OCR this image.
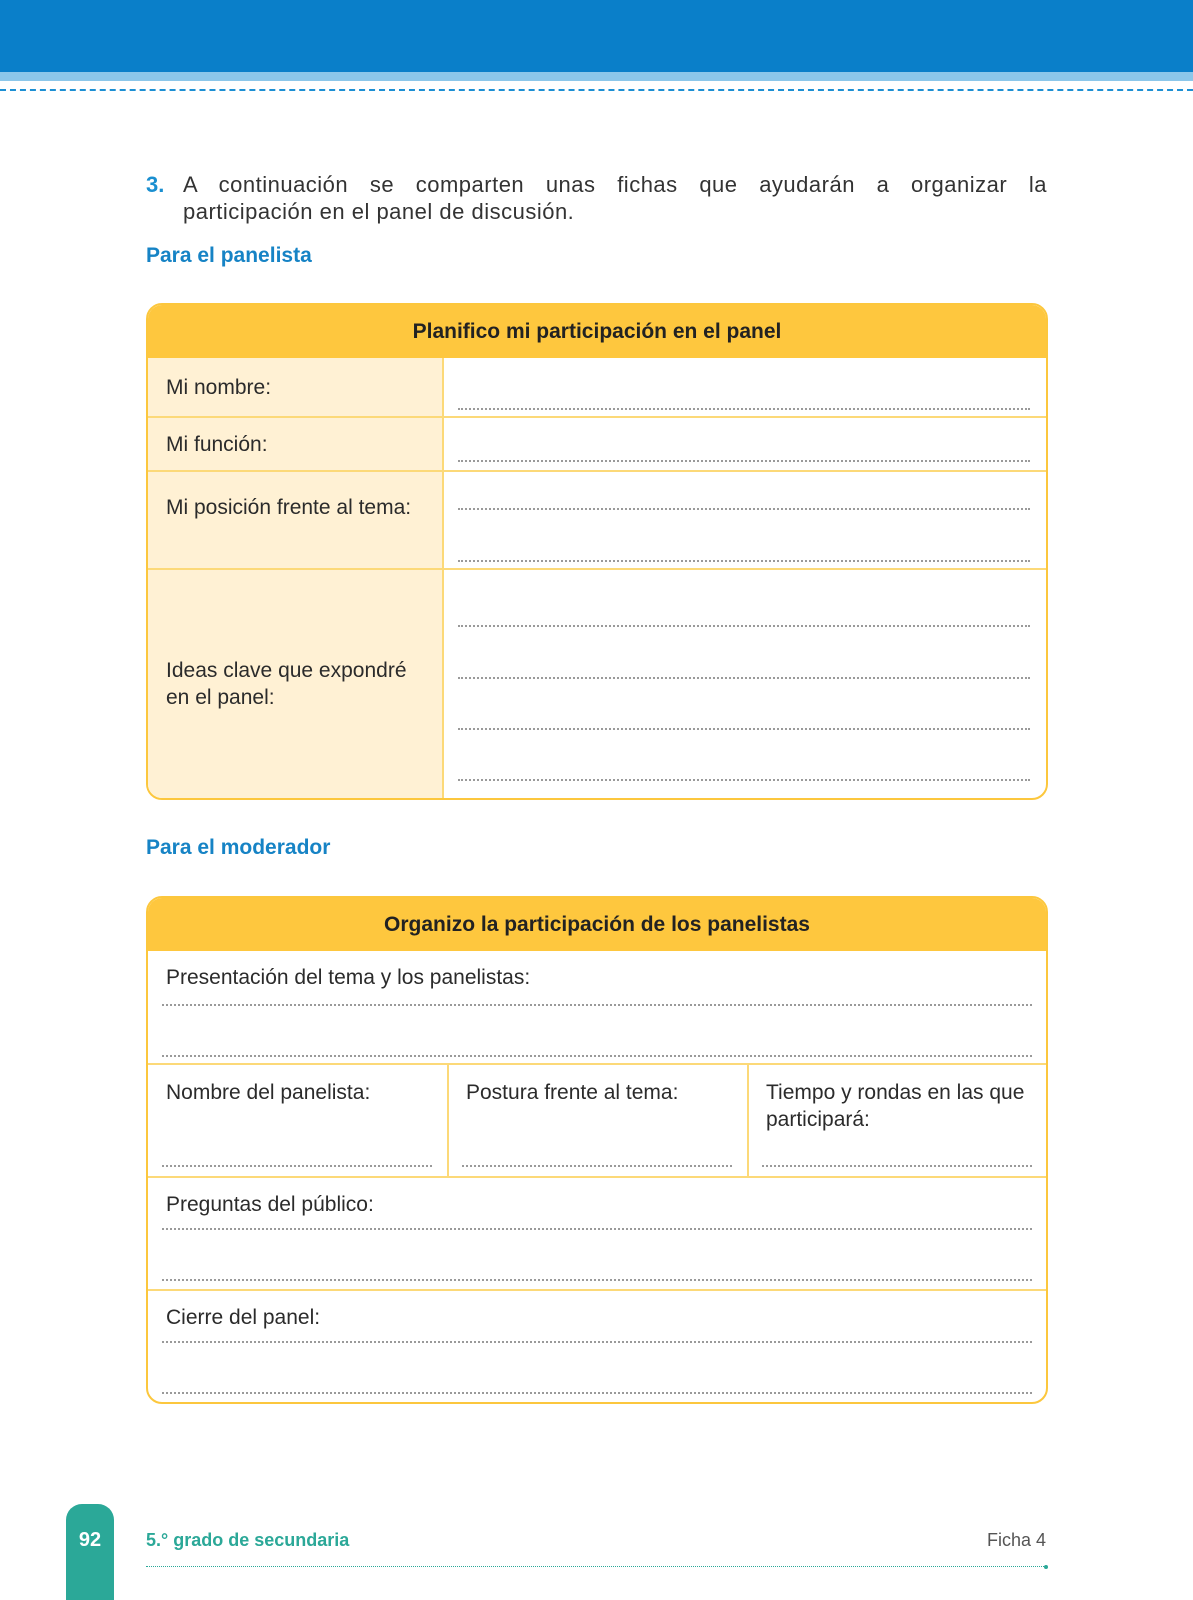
3. A continuación se comparten unas fichas que ayudarán a organizar la
participación en el panel de discusión.
Para el panelista
Planifico mi participación en el panel
Mi nombre:
Mi función:
Mi posición frente al tema:
Ideas clave que expondré en el panel:
Para el moderador
Organizo la participación de los panelistas
Presentación del tema y los panelistas:
Nombre del panelista:	Postura frente al tema:	Tiempo y rondas en las que participará:
Preguntas del público:
Cierre del panel:
92	5.° grado de secundaria	Ficha 4
